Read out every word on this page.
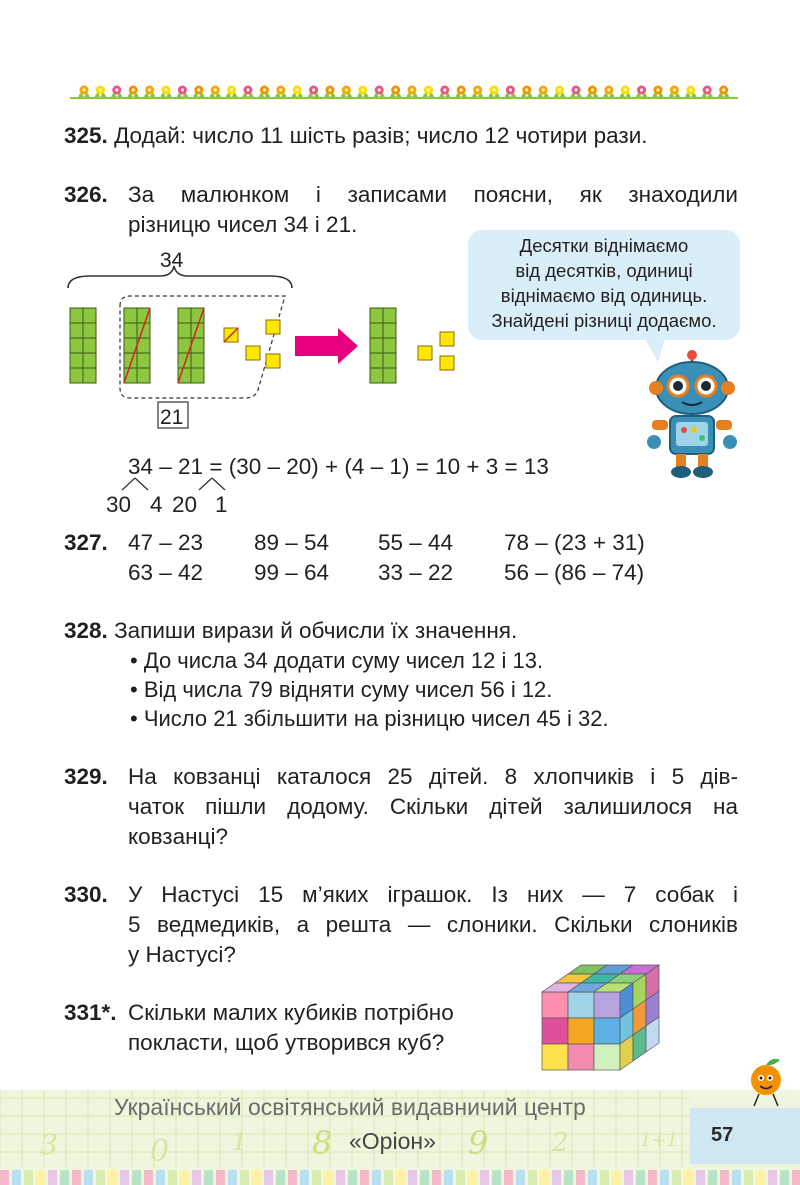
325. Додай: число 11 шість разів; число 12 чотири рази.
326. За малюнком і записами поясни, як знаходили
різницю чисел 34 і 21.
34
21
Десятки віднімаємо
від десятків, одиниці
віднімаємо від одиниць.
Знайдені різниці додаємо.
34 – 21 = (30 – 20) + (4 – 1) = 10 + 3 = 13
30 4 20 1
327. 47 – 23 89 – 54 55 – 44 78 – (23 + 31)
63 – 42 99 – 64 33 – 22 56 – (86 – 74)
328. Запиши вирази й обчисли їх значення.
• До числа 34 додати суму чисел 12 і 13.
• Від числа 79 відняти суму чисел 56 і 12.
• Число 21 збільшити на різницю чисел 45 і 32.
329. На ковзанці каталося 25 дітей. 8 хлопчиків і 5 дів-
чаток пішли додому. Скільки дітей залишилося на
ковзанці?
330. У Настусі 15 м’яких іграшок. Із них — 7 собак і
5 ведмедиків, а решта — слоники. Скільки слоників
у Настусі?
331*. Скільки малих кубиків потрібно
покласти, щоб утворився куб?
Український освітянський видавничий центр
«Оріон»	57
3	0	1 8	9 2	1+1
